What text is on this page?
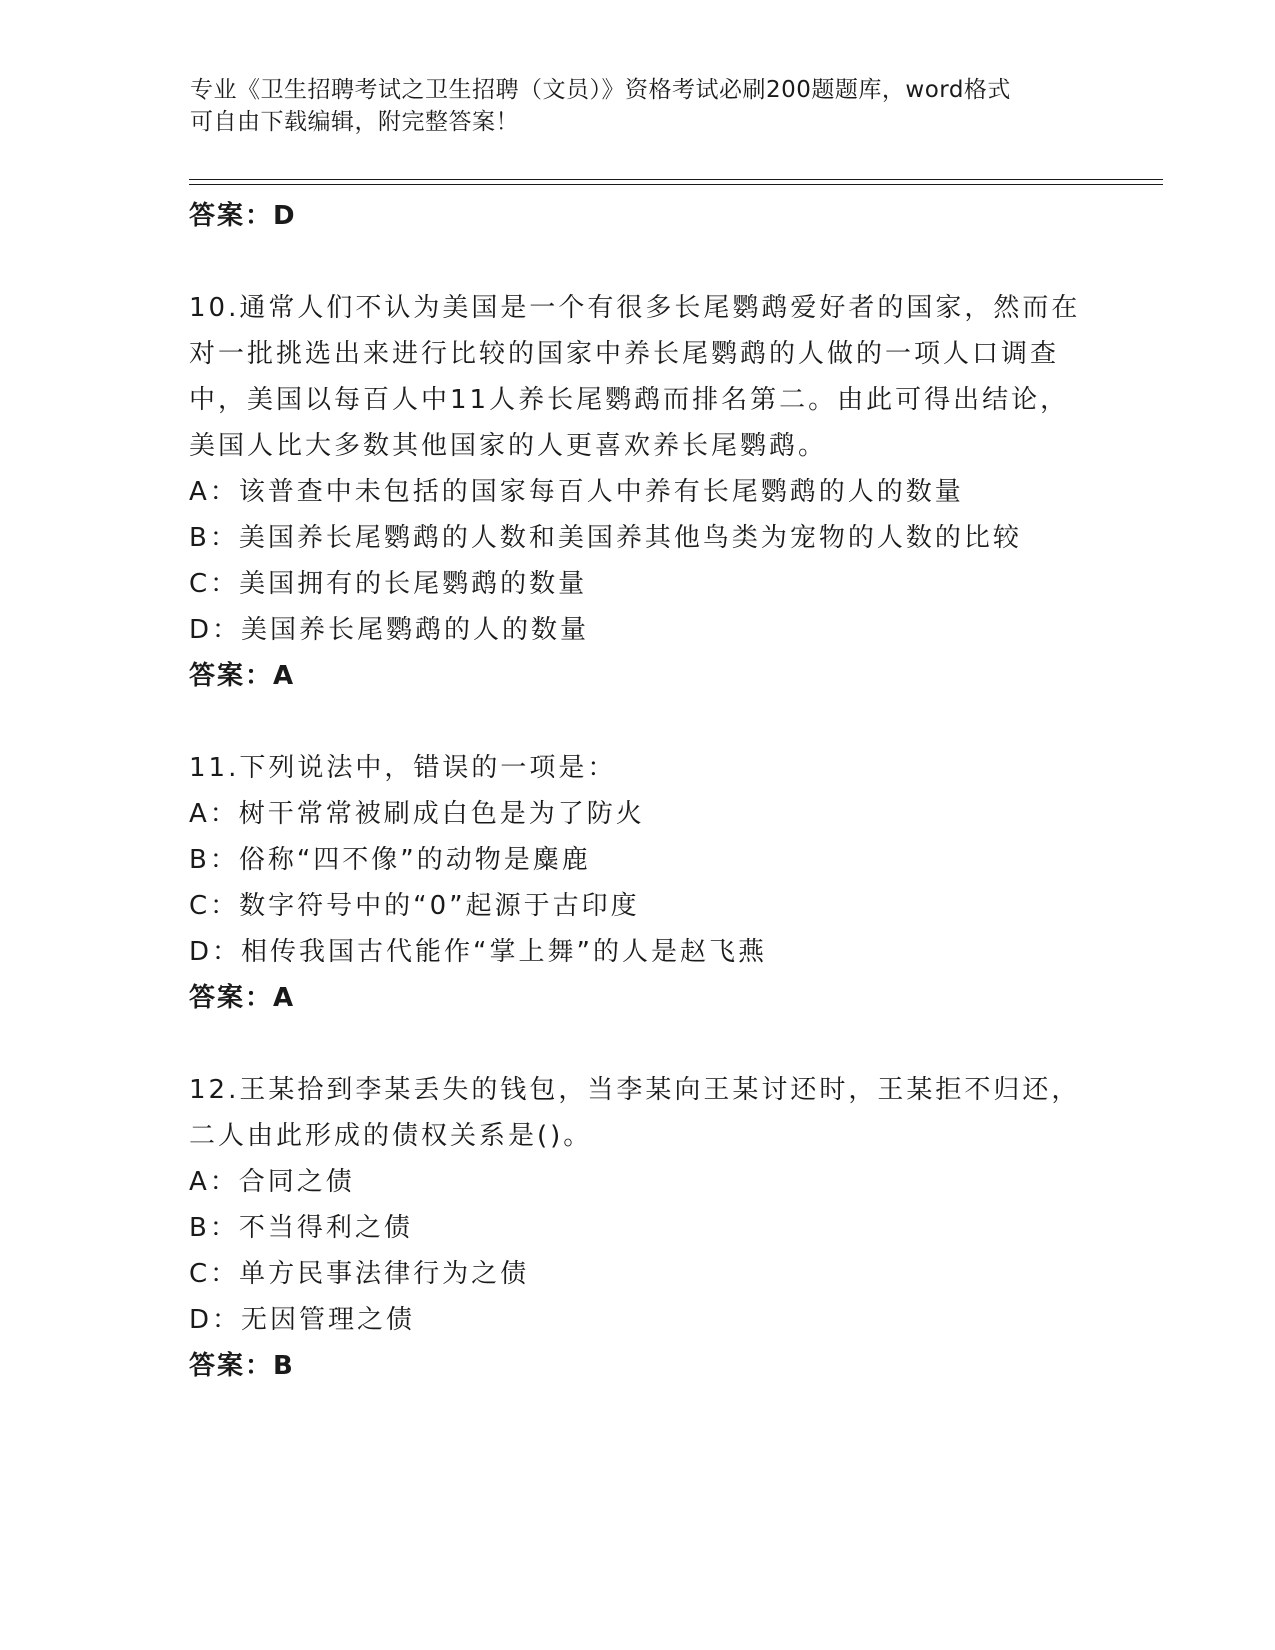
专业《卫生招聘考试之卫生招聘（文员）》资格考试必刷200题题库，word格式
可自由下载编辑，附完整答案！
答案：D
10.通常人们不认为美国是一个有很多长尾鹦鹉爱好者的国家，然而在
对一批挑选出来进行比较的国家中养长尾鹦鹉的人做的一项人口调查
中，美国以每百人中11人养长尾鹦鹉而排名第二。由此可得出结论，
美国人比大多数其他国家的人更喜欢养长尾鹦鹉。
A：该普查中未包括的国家每百人中养有长尾鹦鹉的人的数量
B：美国养长尾鹦鹉的人数和美国养其他鸟类为宠物的人数的比较
C：美国拥有的长尾鹦鹉的数量
D：美国养长尾鹦鹉的人的数量
答案：A
11.下列说法中，错误的一项是：
A：树干常常被刷成白色是为了防火
B：俗称“四不像”的动物是麋鹿
C：数字符号中的“0”起源于古印度
D：相传我国古代能作“掌上舞”的人是赵飞燕
答案：A
12.王某拾到李某丢失的钱包，当李某向王某讨还时，王某拒不归还，
二人由此形成的债权关系是()。
A：合同之债
B：不当得利之债
C：单方民事法律行为之债
D：无因管理之债
答案：B
